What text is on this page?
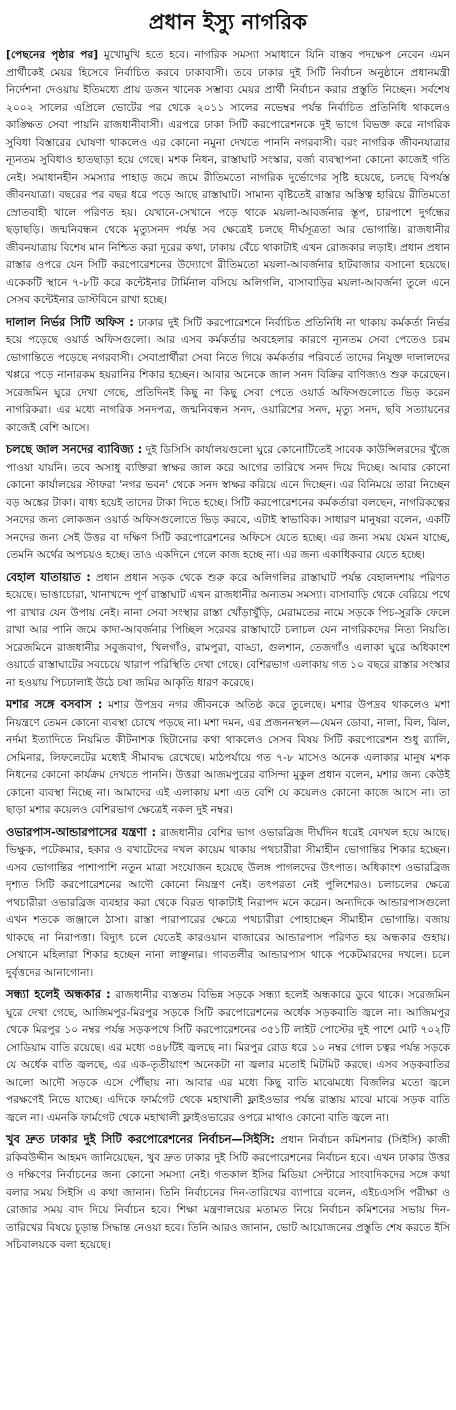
প্রধান ইস্যু নাগরিক

[পেছনের পৃষ্ঠার পর] মুখোমুখি হতে হবে। নাগরিক সমস্যা সমাধানে যিনি বাস্তব পদক্ষেপ নেবেন এমন প্রার্থীকেই মেয়র হিসেবে নির্বাচিত করবে ঢাকাবাসী। তবে ঢাকার দুই সিটি নির্বাচন অনুষ্ঠানে প্রধানমন্ত্রী নির্দেশনা দেওয়ায় ইতিমধ্যে প্রায় ডজন খানেক সম্ভাব্য মেয়র প্রার্থী নির্বাচন করার প্রস্তুতি নিচ্ছেন। সর্বশেষ ২০০২ সালের এপ্রিলে ভোটের পর থেকে ২০১১ সালের নভেম্বর পর্যন্ত নির্বাচিত প্রতিনিধি থাকলেও কাঙ্ক্ষিত সেবা পায়নি রাজধানীবাসী। এরপরে ঢাকা সিটি করপোরেশনকে দুই ভাগে বিভক্ত করে নাগরিক সুবিধা বিস্তারের ঘোষণা থাকলেও এর কোনো নমুনা দেখতে পাননি নগরবাসী। বরং নাগরিক জীবনযাত্রার ন্যূনতম সুবিধাও হাতছাড়া হয়ে গেছে। মশক নিধন, রাস্তাঘাট সংস্কার, বর্জ্য ব্যবস্থাপনা কোনো কাজেই গতি নেই। সমাধানহীন সমস্যার পাহাড় জমে জমে রীতিমতো নাগরিক দুর্ভোগের সৃষ্টি হয়েছে, চলছে বিপর্যস্ত জীবনযাত্রা। বছরের পর বছর ধরে পড়ে আছে রাস্তাঘাট। সামান্য বৃষ্টিতেই রাস্তার অস্তিত্ব হারিয়ে রীতিমতো স্রোতবাহী খালে পরিণত হয়। যেখানে-সেখানে পড়ে থাকে ময়লা-আবর্জনার স্তূপ, চারপাশে দুর্গন্ধের ছড়াছড়ি। জন্মনিবন্ধন থেকে মৃত্যুসনদ পর্যন্ত সব ক্ষেত্রেই চলছে দীর্ঘসূত্রতা আর ভোগান্তি। রাজধানীর জীবনযাত্রায় বিশেষ মান নিশ্চিত করা দূরের কথা, ঢাকায় বেঁচে থাকাটাই এখন রোজকার লড়াই। প্রধান প্রধান রাস্তার ওপরে যেন সিটি করপোরেশনের উদ্যোগে রীতিমতো ময়লা-আবর্জনার হাটবাজার বসানো হয়েছে। একেকটি স্থানে ৭-৮টি করে কন্টেইনার টার্মিনাল বসিয়ে অলিগলি, বাসাবাড়ির ময়লা-আবর্জনা তুলে এনে সেসব কন্টেইনার ডাস্টবিনে রাখা হচ্ছে।

দালাল নির্ভর সিটি অফিস : ঢাকার দুই সিটি করপোরেশনে নির্বাচিত প্রতিনিধি না থাকায় কর্মকর্তা নির্ভর হয়ে পড়েছে ওয়ার্ড অফিসগুলো। আর এসব কর্মকর্তার অবহেলার কারণে ন্যূনতম সেবা পেতেও চরম ভোগান্তিতে পড়েছে নগরবাসী। সেবাপ্রার্থীরা সেবা নিতে গিয়ে কর্মকর্তার পরিবর্তে তাদের নিযুক্ত দালালদের খপ্পরে পড়ে নানারকম হয়রানির শিকার হচ্ছেন। আবার অনেকে জাল সনদ বিক্রির বাণিজ্যও শুরু করেছেন। সরেজমিন ঘুরে দেখা গেছে, প্রতিদিনই কিছু না কিছু সেবা পেতে ওয়ার্ড অফিসগুলোতে ভিড় করেন নাগরিকরা। এর মধ্যে নাগরিক সনদপত্র, জন্মনিবন্ধন সনদ, ওয়ারিশের সনদ, মৃত্যু সনদ, ছবি সত্যায়নের কাজেই বেশি আসে।

চলছে জাল সনদের ব্যাবিজ্য : দুই ডিসিসি কার্যালয়গুলো ঘুরে কোনোটিতেই সাবেক কাউন্সিলরদের খুঁজে পাওয়া যায়নি। তবে অসাধু ব্যক্তিরা স্বাক্ষর জাল করে আগের তারিখে সনদ দিয়ে দিচ্ছে। আবার কোনো কোনো কার্যালয়ের স্টাফরা 'নগর ভবন' থেকে সনদ স্বাক্ষর করিয়ে এনে দিচ্ছেন। এর বিনিময়ে তারা নিচ্ছেন বড় অঙ্কের টাকা। বাধ্য হয়েই তাদের টাকা দিতে হচ্ছে। সিটি করপোরেশনের কর্মকর্তারা বলছেন, নাগরিকত্বের সনদের জন্য লোকজন ওয়ার্ড অফিসগুলোতে ভিড় করবে, এটাই স্বাভাবিক। সাধারণ মানুষরা বলেন, একটি সনদের জন্য সেই উত্তর বা দক্ষিণ সিটি করপোরেশনের অফিসে যেতে হচ্ছে। এর জন্য সময় যেমন যাচ্ছে, তেমনি অর্থের অপচয়ও হচ্ছে। তাও একদিনে গেলে কাজ হচ্ছে না। এর জন্য একাধিকবার যেতে হচ্ছে।

বেহাল যাতায়াত : প্রধান প্রধান সড়ক থেকে শুরু করে অলিগলির রাস্তাঘাট পর্যন্ত বেহালদশায় পরিণত হয়েছে। ভাঙাচোরা, খানাখন্দে পূর্ণ রাস্তাঘাট এখন রাজধানীর অন্যতম সমস্যা। বাসাবাড়ি থেকে বেরিয়ে পথে পা রাখার যেন উপায় নেই। নানা সেবা সংস্থার রাস্তা খোঁড়াখুঁড়ি, মেরামতের নামে সড়কে পিচ-সুরকি ফেলে রাখা আর পানি জমে কাদা-আবর্জনার পিচ্ছিল সরেবর রাস্তাঘাটে চলাচল যেন নাগরিকদের নিত্য নিয়তি। সরেজমিনে রাজধানীর সবুজবাগ, খিলগাঁও, রামপুরা, বাড্ডা, গুলশান, তেজগাঁও এলাকা ঘুরে অধিকাংশ ওয়ার্ডে রাস্তাঘাটের সবচেয়ে খারাপ পরিস্থিতি দেখা গেছে। বেশিরভাগ এলাকায় গত ১০ বছরে রাস্তার সংস্কার না হওয়ায় পিচঢালাই উঠে চষা জমির আকৃতি ধারণ করেছে।

মশার সঙ্গে বসবাস : মশার উপদ্রব নগর জীবনকে অতিষ্ঠ করে তুলেছে। মশার উপদ্রব থাকলেও মশা নিয়ন্ত্রণে তেমন কোনো ব্যবস্থা চোখে পড়ছে না। মশা দমন, এর প্রজননস্থল—যেমন ডোবা, নালা, বিল, ঝিল, নর্দমা ইত্যাদিতে নিয়মিত কীটনাশক ছিটানোর কথা থাকলেও সেসব বিষয় সিটি করপোরেশন শুধু র‍্যালি, সেমিনার, লিফলেটের মধ্যেই সীমাবদ্ধ রেখেছে। মাঠপর্যায়ে গত ৭-৮ মাসেও অনেক এলাকার মানুষ মশক নিধনের কোনো কার্যক্রম দেখতে পাননি। উত্তরা আজমপুরের বাসিন্দা মুকুল প্রধান বলেন, মশার জন্য কেউই কোনো ব্যবস্থা নিচ্ছে না। আমাদের এই এলাকায় মশা এত বেশি যে কয়েলও কোনো কাজে আসে না। তা ছাড়া মশার কয়েলও বেশিরভাগ ক্ষেত্রেই নকল দুই নম্বর।

ওভারপাস-আন্ডারপাসের যন্ত্রণা : রাজধানীর বেশির ভাগ ওভারব্রিজ দীর্ঘদিন ধরেই বেদখল হয়ে আছে। ভিক্ষুক, পটেকমার, হকার ও বখাটেদের দখল কায়েম থাকায় পথচারীরা সীমাহীন ভোগান্তির শিকার হচ্ছেন। এসব ভোগান্তির পাশাপাশি নতুন মাত্রা সংযোজন হয়েছে উলঙ্গ পাগলদের উৎপাত। অধিকাংশ ওভারব্রিজ দৃশ্যত সিটি করপোরেশনের আদৌ কোনো নিয়ন্ত্রণ নেই। তৎপরতা নেই পুলিশেরও। চলাচলের ক্ষেত্রে পথচারীরা ওভারব্রিজ ব্যবহার করা থেকে বিরত থাকাটাই নিরাপদ মনে করেন। অন্যদিকে আন্ডারপাসগুলো এখন শতকে জঞ্জালে ঠাসা। রাস্তা পারাপারের ক্ষেত্রে পথচারীরা পোহাচ্ছেন সীমাহীন ভোগান্তি। বজায় থাকছে না নিরাপত্তা। বিদ্যুৎ চলে যেতেই কারওয়ান বাজারের আন্ডারপাস পরিণত হয় অন্ধকার গুহায়। সেখানে মহিলারা শিকার হচ্ছেন নানা লাঞ্ছনার। গাবতলীর আন্ডারপাস থাকে পকেটমারদের দখলে। চলে দুর্বৃত্তদের আনাগোনা।

সন্ধ্যা হলেই অন্ধকার : রাজধানীর ব্যস্ততম বিভিন্ন সড়কে সন্ধ্যা হলেই অন্ধকারে ডুবে থাকে। সরেজমিন ঘুরে দেখা গেছে, আজিমপুর-মিরপুর সড়কে সিটি করপোরেশনের অর্ধেক সড়কবাতি জ্বলে না। আজিমপুর থেকে মিরপুর ১০ নম্বর পর্যন্ত সড়কপথে সিটি করপোরেশনের ৩৫১টি লাইট পোস্টের দুই পাশে মোট ৭০২টি সোডিয়াম বাতি রয়েছে। এর মধ্যে ৩৪৮টিই জ্বলছে না। মিরপুর রোড ধরে ১০ নম্বর গোল চত্বর পর্যন্ত সড়কে যে অর্ধেক বাতি জ্বলছে, এর এক-তৃতীয়াংশ অনেকটা না জ্বলার মতোই মিটমিট করছে। এসব সড়কবাতির আলো আদৌ সড়কে এসে পৌঁছায় না। আবার এর মধ্যে কিছু বাতি মাঝেমধ্যে বিজলির মতো জ্বলে পরক্ষণেই নিভে যাচ্ছে। এদিকে ফার্মগেট থেকে মহাখালী ফ্লাইওভার পর্যন্ত রাস্তায় মাঝে মাঝে সড়ক বাতি জ্বলে না। এমনকি ফার্মগেট থেকে মহাখালী ফ্লাইওভারের ওপরে মাথাও কোনো বাতি জ্বলে না।

খুব দ্রুত ঢাকার দুই সিটি করপোরেশনের নির্বাচন—সিইসি: প্রধান নির্বাচন কমিশনার (সিইসি) কাজী রকিবউদ্দীন আহমদ জানিয়েছেন, খুব দ্রুত ঢাকার দুই সিটি করপোরেশনের নির্বাচন হবে। এখন ঢাকার উত্তর ও দক্ষিণের নির্বাচনের জন্য কোনো সমস্যা নেই। গতকাল ইসির মিডিয়া সেন্টারে সাংবাদিকদের সঙ্গে কথা বলার সময় সিইসি এ কথা জানান। তিনি নির্বাচনের দিন-তারিখের ব্যাপারে বলেন, এইচএসসি পরীক্ষা ও রোজার সময় বাদ দিয়ে নির্বাচন হবে। শিক্ষা মন্ত্রণালয়ের মতামত নিয়ে নির্বাচন কমিশনের সভায় দিন-তারিখের বিষয়ে চূড়ান্ত সিদ্ধান্ত নেওয়া হবে। তিনি আরও জানান, ভোট আয়োজনের প্রস্তুতি শেষ করতে ইসি সচিবালয়কে বলা হয়েছে।
